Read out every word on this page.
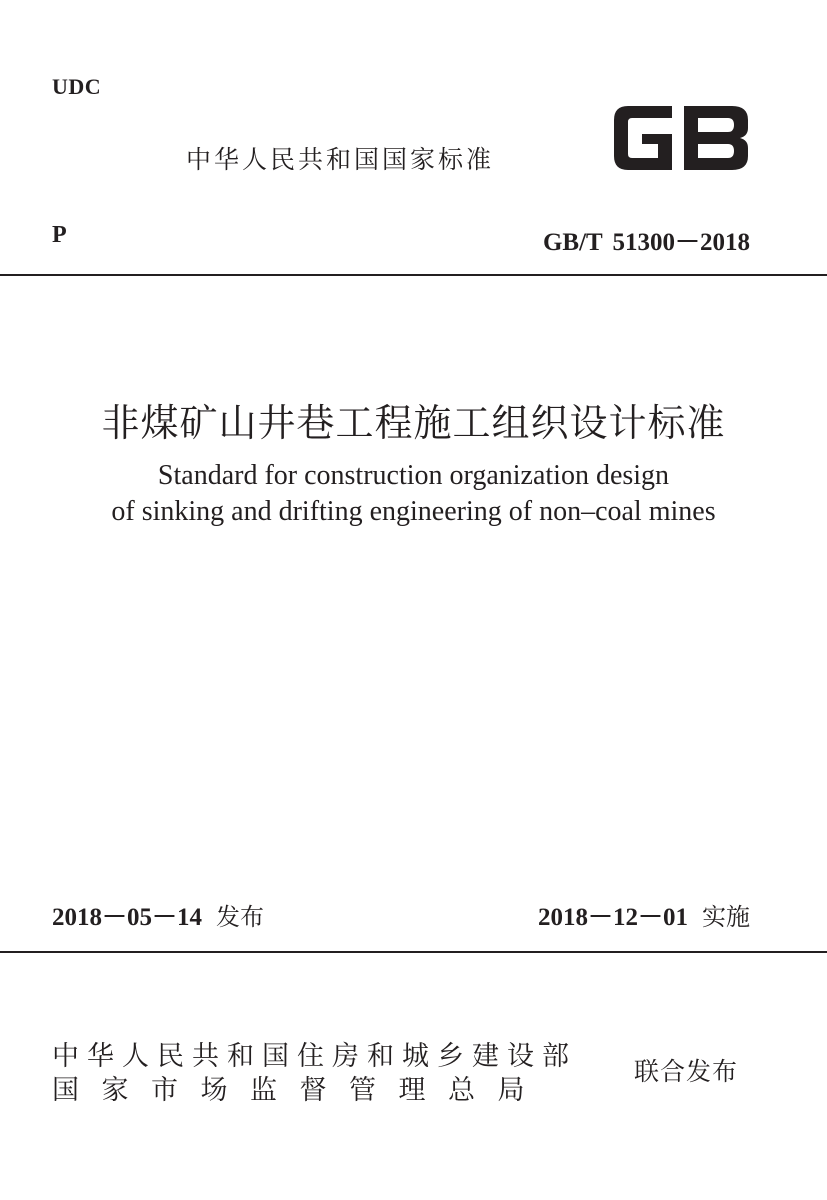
UDC
中华人民共和国国家标准
P	GB/T 51300－2018
非煤矿山井巷工程施工组织设计标准
Standard for construction organization design
of sinking and drifting engineering of non–coal mines
2018－05－14 发布	2018－12－01 实施
中华人民共和国住房和城乡建设部
国家市场监督管理总局
联合发布
